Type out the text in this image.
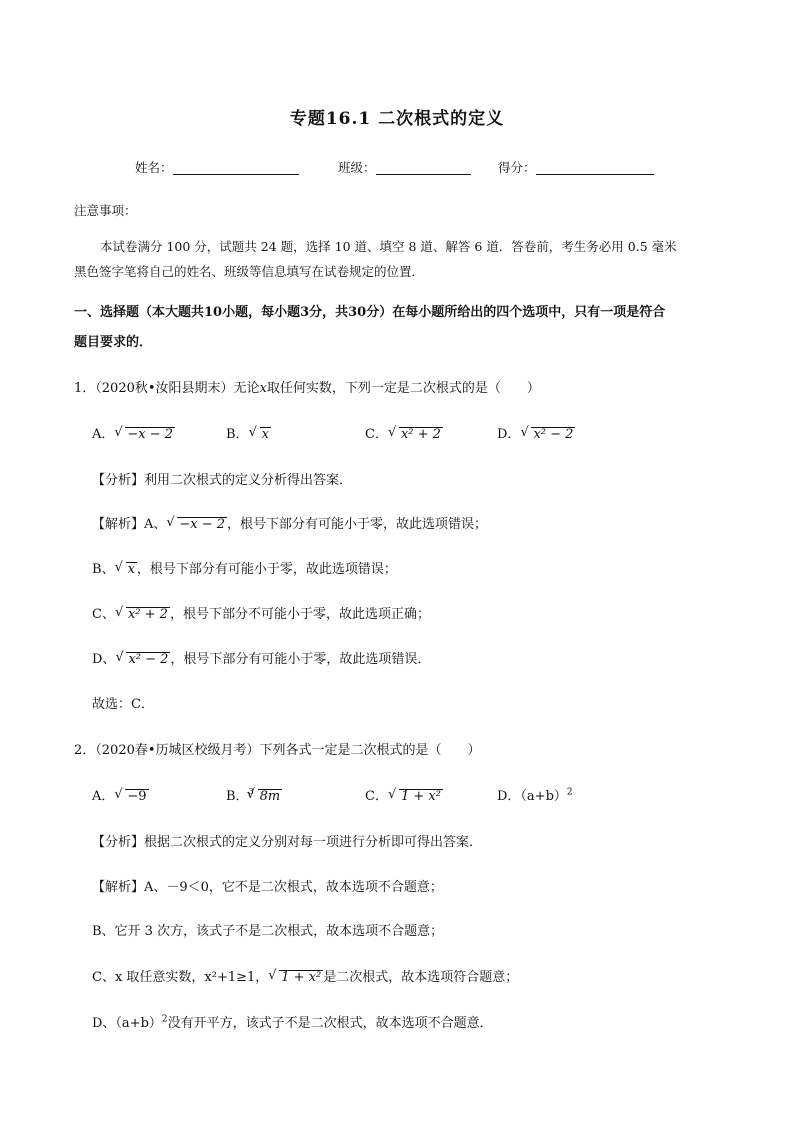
专题16.1 二次根式的定义
姓名：	班级：	得分：
注意事项：
本试卷满分 100 分，试题共 24 题，选择 10 道、填空 8 道、解答 6 道．答卷前，考生务必用 0.5 毫米
黑色签字笔将自己的姓名、班级等信息填写在试卷规定的位置．
一、选择题（本大题共10小题，每小题3分，共30分）在每小题所给出的四个选项中，只有一项是符合
题目要求的．
1．（2020秋•汝阳县期末）无论x取任何实数，下列一定是二次根式的是（　　）
A． √ −x − 2	B． √ x	C． √ x² + 2	D． √ x² − 2
【分析】利用二次根式的定义分析得出答案．
【解析】A、 √ −x − 2 ，根号下部分有可能小于零，故此选项错误；
B、 √ x ，根号下部分有可能小于零，故此选项错误；
C、 √ x² + 2 ，根号下部分不可能小于零，故此选项正确；
D、 √ x² − 2 ，根号下部分有可能小于零，故此选项错误．
故选：C．
2．（2020春•历城区校级月考）下列各式一定是二次根式的是（　　）
A． √ −9	B．$^3$ √ 8m	C． √ 1 + x²	D．$(a+b)^2$
【分析】根据二次根式的定义分别对每一项进行分析即可得出答案．
【解析】A、－9＜0，它不是二次根式，故本选项不合题意；
B、它开 3 次方，该式子不是二次根式，故本选项不合题意；
C、x 取任意实数，x²+1≥1， √ 1 + x² 是二次根式，故本选项符合题意；
D、$(a+b)^2$没有开平方，该式子不是二次根式，故本选项不合题意．
